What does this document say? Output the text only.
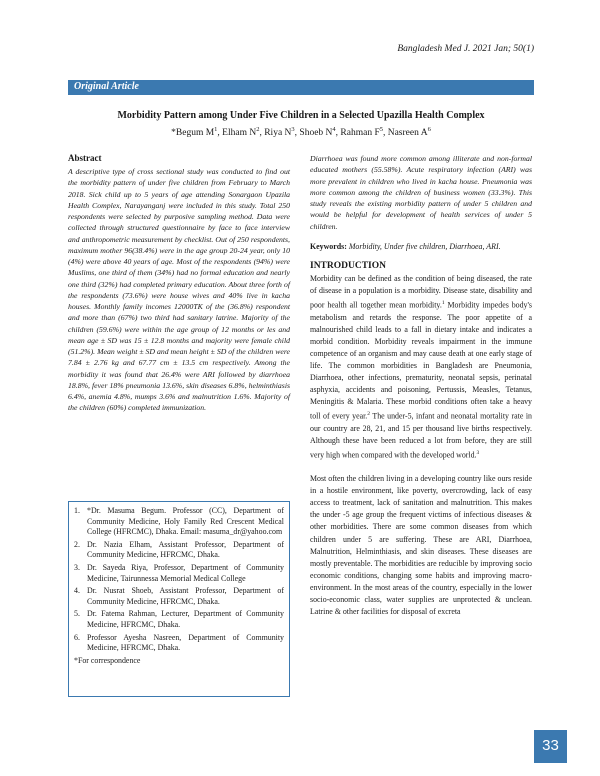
Bangladesh Med J. 2021 Jan; 50(1)
Original Article
Morbidity Pattern among Under Five Children in a Selected Upazilla Health Complex
*Begum $M^1$, Elham $N^2$, Riya $N^3$, Shoeb $N^4$, Rahman $F^5$, Nasreen $A^6$
Abstract
A descriptive type of cross sectional study was conducted to find out the morbidity pattern of under five children from February to March 2018. Sick child up to 5 years of age attending Sonargaon Upazila Health Complex, Narayanganj were included in this study. Total 250 respondents were selected by purposive sampling method. Data were collected through structured questionnaire by face to face interview and anthropometric measurement by checklist. Out of 250 respondents, maximum mother 96(38.4%) were in the age group 20-24 year, only 10 (4%) were above 40 years of age. Most of the respondents (94%) were Muslims, one third of them (34%) had no formal education and nearly one third (32%) had completed primary education. About three forth of the respondents (73.6%) were house wives and 40% live in kacha houses. Monthly family incomes 12000TK of the (36.8%) respondent and more than (67%) two third had sanitary latrine. Majority of the children (59.6%) were within the age group of 12 months or les and mean age ± SD was 15 ± 12.8 months and majority were female child (51.2%). Mean weight ± SD and mean height ± SD of the children were 7.84 ± 2.76 kg and 67.77 cm ± 13.5 cm respectively. Among the morbidity it was found that 26.4% were ARI followed by diarrhoea 18.8%, fever 18% pneumonia 13.6%, skin diseases 6.8%, helminthiasis 6.4%, anemia 4.8%, mumps 3.6% and malnutrition 1.6%. Majority of the children (60%) completed immunization.
1. *Dr. Masuma Begum. Professor (CC), Department of Community Medicine, Holy Family Red Crescent Medical College (HFRCMC), Dhaka. Email: masuma_dr@yahoo.com
2. Dr. Nazia Elham, Assistant Professor, Department of Community Medicine, HFRCMC, Dhaka.
3. Dr. Sayeda Riya, Professor, Department of Community Medicine, Tairunnessa Memorial Medical College
4. Dr. Nusrat Shoeb, Assistant Professor, Department of Community Medicine, HFRCMC, Dhaka.
5. Dr. Fatema Rahman, Lecturer, Department of Community Medicine, HFRCMC, Dhaka.
6. Professor Ayesha Nasreen, Department of Community Medicine, HFRCMC, Dhaka.
*For correspondence
Diarrhoea was found more common among illiterate and non-formal educated mothers (55.58%). Acute respiratory infection (ARI) was more prevalent in children who lived in kacha house. Pneumonia was more common among the children of business women (33.3%). This study reveals the existing morbidity pattern of under 5 children and would be helpful for development of health services of under 5 children.
Keywords: Morbidity, Under five children, Diarrhoea, ARI.
INTRODUCTION

Morbidity can be defined as the condition of being diseased, the rate of disease in a population is a morbidity. Disease state, disability and poor health all together mean morbidity.$^1$ Morbidity impedes body's metabolism and retards the response. The poor appetite of a malnourished child leads to a fall in dietary intake and indicates a morbid condition. Morbidity reveals impairment in the immune competence of an organism and may cause death at one early stage of life. The common morbidities in Bangladesh are Pneumonia, Diarrhoea, other infections, prematurity, neonatal sepsis, perinatal asphyxia, accidents and poisoning, Pertussis, Measles, Tetanus, Meningitis & Malaria. These morbid conditions often take a heavy toll of every year.$^2$ The under-5, infant and neonatal mortality rate in our country are 28, 21, and 15 per thousand live births respectively. Although these have been reduced a lot from before, they are still very high when compared with the developed world.$^3$

Most often the children living in a developing country like ours reside in a hostile environment, like poverty, overcrowding, lack of easy access to treatment, lack of sanitation and malnutrition. This makes the under -5 age group the frequent victims of infectious diseases & other morbidities. There are some common diseases from which children under 5 are suffering. These are ARI, Diarrhoea, Malnutrition, Helminthiasis, and skin diseases. These diseases are mostly preventable. The morbidities are reducible by improving socio economic conditions, changing some habits and improving macro-environment. In the most areas of the country, especially in the lower socio-economic class, water supplies are unprotected & unclean. Latrine & other facilities for disposal of excreta

33
